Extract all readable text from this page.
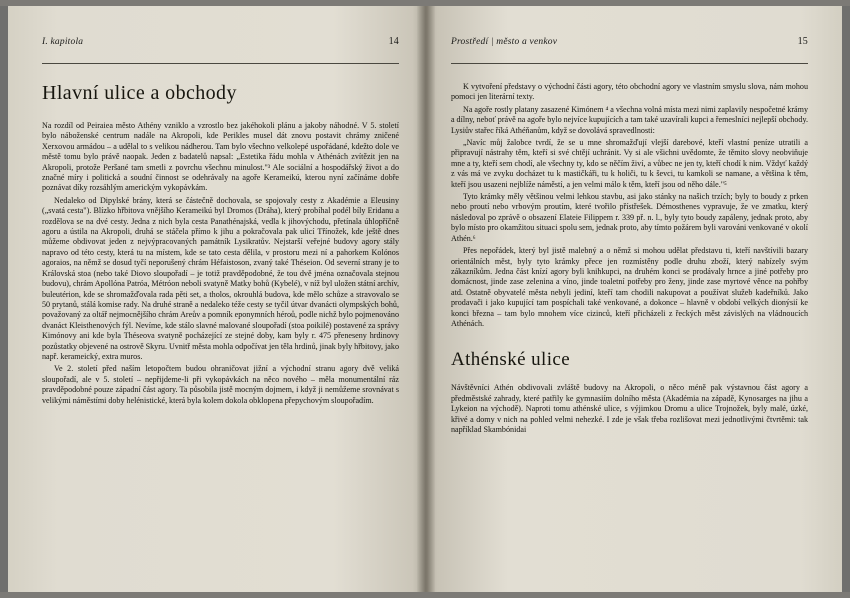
I. kapitola	14
Hlavní ulice a obchody

Na rozdíl od Peiraiea město Athény vzniklo a vzrostlo bez jakéhokoli plánu a jakoby náhodné. V 5. století bylo náboženské centrum nadále na Akropoli, kde Perikles musel dát znovu postavit chrámy zničené Xerxovou armádou – a udělal to s velikou nádherou. Tam bylo všechno velkolepé uspořádané, kdežto dole ve městě tomu bylo právě naopak. Jeden z badatelů napsal: „Estetika řádu mohla v Athénách zvítězit jen na Akropoli, protože Peršané tam smetli z povrchu všechnu minulost."³ Ale sociální a hospodářský život a do značné míry i politická a soudní činnost se odehrávaly na agoře Kerameikú, kterou nyní začínáme dobře poznávat díky rozsáhlým americkým vykopávkám.

Nedaleko od Dipylské brány, která se částečně dochovala, se spojovaly cesty z Akadémie a Eleusiny („svatá cesta"). Blízko hřbitova vnějšího Kerameikú byl Dromos (Dráha), který probíhal podél bíly Eridanu a rozdělova se na dvé cesty. Jedna z nich byla cesta Panathénajská, vedla k jihovýchodu, přetínala úhlopříčně agoru a ústila na Akropoli, druhá se stáčela přímo k jihu a pokračovala pak ulicí Třínožek, kde ještě dnes můžeme obdivovat jeden z nejvýpracovaných památník Lysikratův. Nejstarší veřejné budovy agory stály napravo od této cesty, která tu na místem, kde se tato cesta dělila, v prostoru mezi ní a pahorkem Kolónos agoraios, na němž se dosud tyčí neporušený chrám Héfaistoson, zvaný také Théseion. Od severní strany je to Královská stoa (nebo také Diovo sloupořadí – je totiž pravděpodobné, že tou dvě jména označovala stejnou budovu), chrám Apollóna Patróa, Métróon neboli svatyně Matky bohů (Kybelé), v níž byl uložen státní archív, buleutérion, kde se shromažďovala rada pěti set, a tholos, okrouhlá budova, kde mělo schůze a stravovalo se 50 prytanů, stálá komise rady. Na druhé straně a nedaleko téže cesty se tyčil útvar dvanácti olympských bohů, považovaný za oltář nejmocnějšího chrám Areův a pomník eponymních héroů, podle nichž bylo pojmenováno dvanáct Kleisthenových fýl. Nevíme, kde stálo slavné malované sloupořadí (stoa poikilé) postavené za správy Kimónovy ani kde byla Théseova svatyně pocházející ze stejné doby, kam byly r. 475 přeneseny hrdinovy pozůstatky objevené na ostrově Skyru. Uvnitř města mohla odpočívat jen těla hrdinů, jinak byly hřbitovy, jako např. kerameický, extra muros.

Ve 2. století před naším letopočtem budou ohraničovat jižní a východní stranu agory dvě veliká sloupořadí, ale v 5. století – nepřijdeme-li při vykopávkách na něco nového – měla monumentální ráz pravděpodobné pouze západní část agory. Ta působila jistě mocným dojmem, i když ji nemůžeme srovnávat s velikými náměstími doby helénistické, která byla kolem dokola obklopena přepychovým sloupořadím.

Prostředí | město a venkov	15

K vytvoření představy o východní části agory, této obchodní agory ve vlastním smyslu slova, nám mohou pomoci jen literární texty.

Na agoře rostly platany zasazené Kimónem ⁴ a všechna volná místa mezi nimi zaplavily nespočetné krámy a dílny, neboť právě na agoře bylo nejvíce kupujících a tam také uzavírali kupci a řemeslníci nejlepší obchody. Lysiův stařec říká Athéňanům, když se dovolává spravedlnosti:

„Navíc můj žalobce tvrdí, že se u mne shromažďují vlejší darebové, kteří vlastní peníze utratili a připravují nástrahy těm, kteří si své chtějí uchránit. Vy si ale všichni uvědomte, že těmito slovy neobviňuje mne a ty, kteří sem chodí, ale všechny ty, kdo se něčím živí, a vůbec ne jen ty, kteří chodí k nim. Vždyť každý z vás má ve zvyku docházet tu k mastičkáři, tu k holiči, tu k ševci, tu kamkoli se namane, a většina k těm, kteří jsou usazeni nejblíže náměstí, a jen velmi málo k těm, kteří jsou od něho dále."⁵

Tyto krámky měly většinou velmi lehkou stavbu, asi jako stánky na našich trzích; byly to boudy z prken nebo proutí nebo vrbovým proutím, které tvořilo přístřešek. Démosthenes vypravuje, že ve zmatku, který následoval po zprávě o obsazení Elateie Filippem r. 339 př. n. l., byly tyto boudy zapáleny, jednak proto, aby bylo místo pro okamžitou situaci spolu sem, jednak proto, aby tímto požárem byli varováni venkované v okolí Athén.⁶

Přes nepořádek, který byl jistě malebný a o němž si mohou udělat představu ti, kteří navštívili bazary orientálních měst, byly tyto krámky přece jen rozmístěny podle druhu zboží, který nabízely svým zákazníkům. Jedna část knízí agory byli knihkupci, na druhém konci se prodávaly hrnce a jiné potřeby pro domácnost, jinde zase zelenina a víno, jinde toaletní potřeby pro ženy, jinde zase myrtové věnce na pohřby atd. Ostatně obyvatelé města nebyli jediní, kteří tam chodili nakupovat a používat služeb kadeřníků. Jako prodavači i jako kupující tam pospíchali také venkované, a dokonce – hlavně v období velkých dionýsií ke konci března – tam bylo mnohem více cizinců, kteří přicházeli z řeckých měst závislých na vládnoucích Athénách.

Athénské ulice

Návštěvníci Athén obdivovali zvláště budovy na Akropoli, o něco méně pak výstavnou část agory a předměstské zahrady, které patřily ke gymnasiím dolního města (Akadémia na západě, Kynosarges na jihu a Lykeion na východě). Naproti tomu athénské ulice, s výjimkou Dromu a ulice Trojnožek, byly malé, úzké, křivé a domy v nich na pohled velmi nehezké. I zde je však třeba rozlišovat mezi jednotlivými čtvrtěmi: tak například Skambónidai
